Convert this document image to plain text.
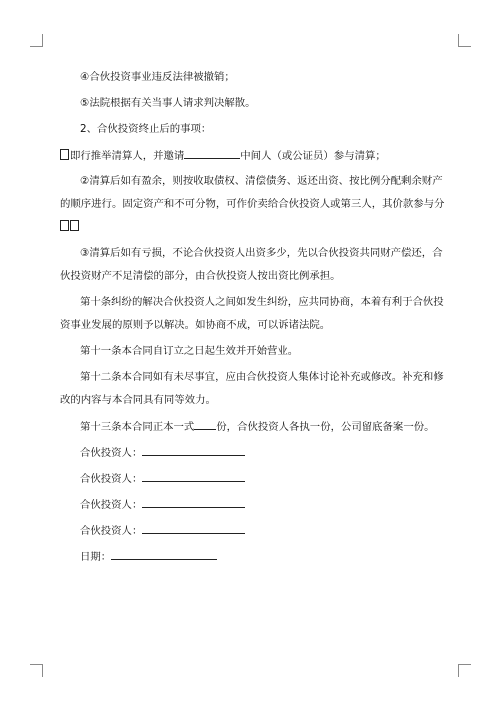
④合伙投资事业违反法律被撤销；
⑤法院根据有关当事人请求判决解散。
2、合伙投资终止后的事项：
即行推举清算人，并邀请	中间人（或公证员）参与清算；
②清算后如有盈余，则按收取债权、清偿债务、返还出资、按比例分配剩余财产
的顺序进行。固定资产和不可分物，可作价卖给合伙投资人或第三人，其价款参与分
③清算后如有亏损，不论合伙投资人出资多少，先以合伙投资共同财产偿还，合
伙投资财产不足清偿的部分，由合伙投资人按出资比例承担。
第十条纠纷的解决合伙投资人之间如发生纠纷，应共同协商，本着有利于合伙投
资事业发展的原则予以解决。如协商不成，可以诉诸法院。
第十一条本合同自订立之日起生效并开始营业。
第十二条本合同如有未尽事宜，应由合伙投资人集体讨论补充或修改。补充和修
改的内容与本合同具有同等效力。
第十三条本合同正本一式 份，合伙投资人各执一份，公司留底备案一份。
合伙投资人：
合伙投资人：
合伙投资人：
合伙投资人：
日期：
